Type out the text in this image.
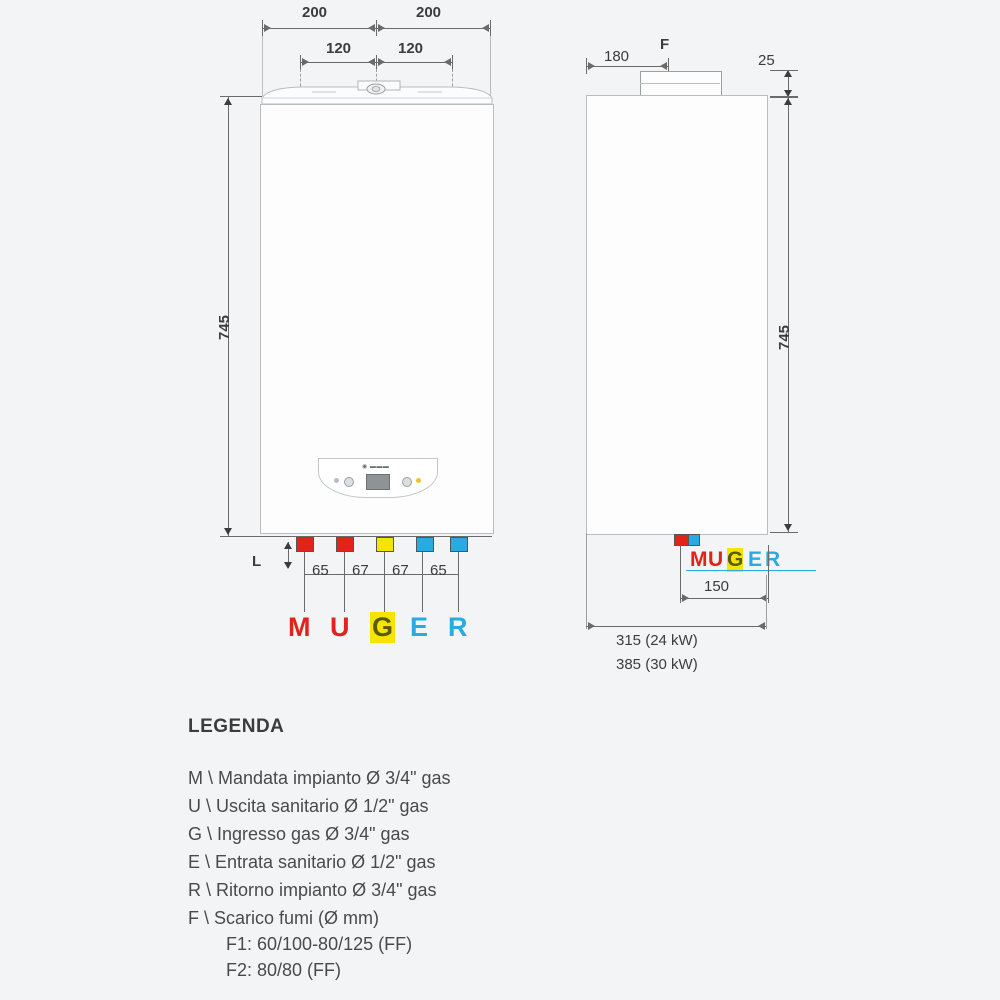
200	200
120	120
745
◉ ▬▬▬
L
65 67 67 65
M U G E R
F
180	25
745
M U G E R
150
315 (24 kW)
385 (30 kW)
LEGENDA
M \ Mandata impianto Ø 3/4" gas
U \ Uscita sanitario Ø 1/2" gas
G \ Ingresso gas Ø 3/4" gas
E \ Entrata sanitario Ø 1/2" gas
R \ Ritorno impianto Ø 3/4" gas
F \ Scarico fumi (Ø mm)
F1: 60/100-80/125 (FF)
F2: 80/80 (FF)
